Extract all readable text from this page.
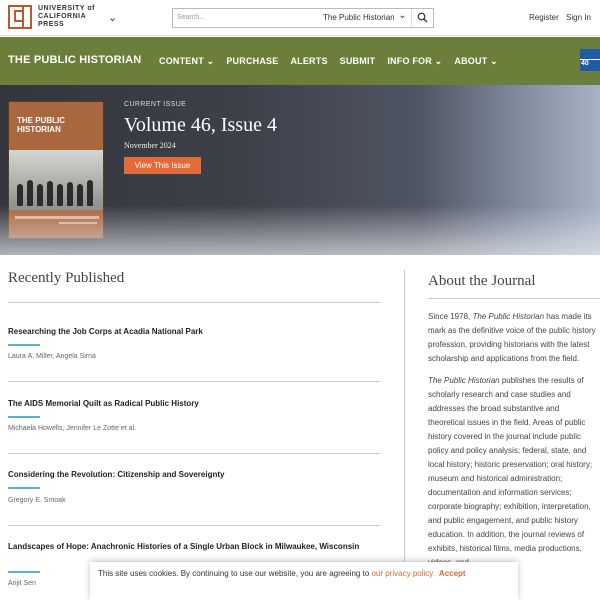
UNIVERSITY of CALIFORNIA PRESS
⌄	Search...	The Public Historian ⌄	Register Sign In
THE PUBLIC HISTORIAN CONTENT ⌄ PURCHASE ALERTS SUBMIT INFO FOR ⌄ ABOUT ⌄	40
THE PUBLIC HISTORIAN
CURRENT ISSUE
Volume 46, Issue 4
November 2024
View This Issue
Recently Published
Researching the Job Corps at Acadia National Park
Laura A. Miller, Angela Sirna
The AIDS Memorial Quilt as Radical Public History
Michaela Howells, Jennifer Le Zotte et al.
Considering the Revolution: Citizenship and Sovereignty
Gregory E. Smoak
Landscapes of Hope: Anachronic Histories of a Single Urban Block in Milwaukee, Wisconsin
Arijit Sen
About the Journal

Since 1978, The Public Historian has made its mark as the definitive voice of the public history profession, providing historians with the latest scholarship and applications from the field.

The Public Historian publishes the results of scholarly research and case studies and addresses the broad substantive and theoretical issues in the field. Areas of public history covered in the journal include public policy and policy analysis; federal, state, and local history; historic preservation; oral history; museum and historical administration; documentation and information services; corporate biography; exhibition, interpretation, and public engagement, and public history education. In addition, the journal reviews of exhibits, historical films, media productions,

This site uses cookies. By continuing to use our website, you are agreeing to our privacy policy. Accept
